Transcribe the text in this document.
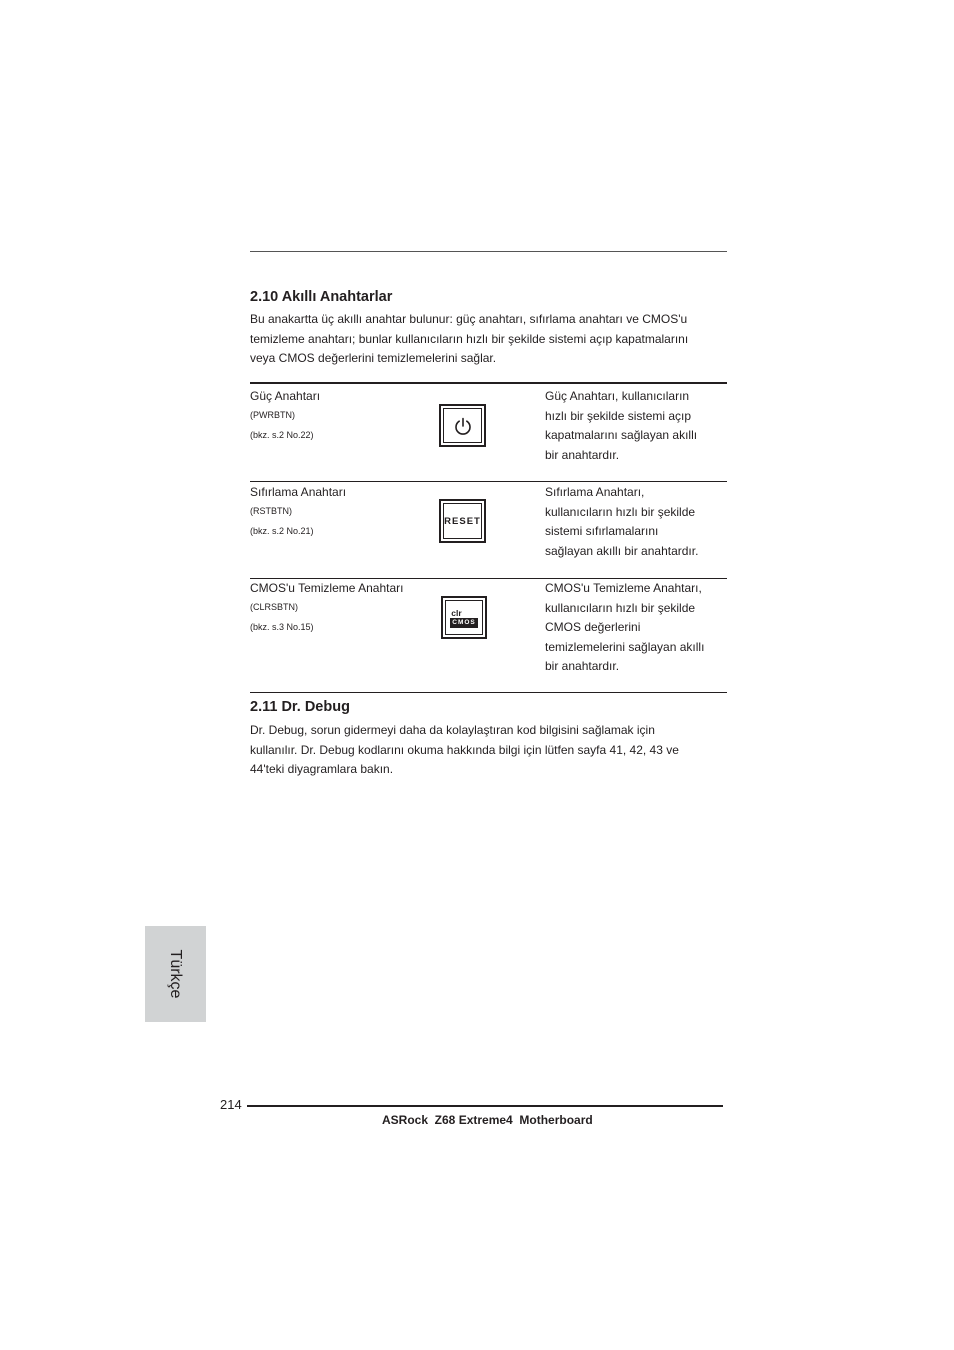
2.10 Akıllı Anahtarlar

Bu anakartta üç akıllı anahtar bulunur: güç anahtarı, sıfırlama anahtarı ve CMOS'u
temizleme anahtarı; bunlar kullanıcıların hızlı bir şekilde sistemi açıp kapatmalarını
veya CMOS değerlerini temizlemelerini sağlar.

Güç Anahtarı
(PWRBTN)
(bkz. s.2 No.22)

Güç Anahtarı, kullanıcıların
hızlı bir şekilde sistemi açıp
kapatmalarını sağlayan akıllı
bir anahtardır.

Sıfırlama Anahtarı
(RSTBTN)
(bkz. s.2 No.21)
RESET

Sıfırlama Anahtarı,
kullanıcıların hızlı bir şekilde
sistemi sıfırlamalarını
sağlayan akıllı bir anahtardır.

CMOS'u Temizleme Anahtarı
(CLRSBTN)
(bkz. s.3 No.15)
clr
CMOS

CMOS'u Temizleme Anahtarı,
kullanıcıların hızlı bir şekilde
CMOS değerlerini
temizlemelerini sağlayan akıllı
bir anahtardır.

2.11 Dr. Debug

Dr. Debug, sorun gidermeyi daha da kolaylaştıran kod bilgisini sağlamak için
kullanılır. Dr. Debug kodlarını okuma hakkında bilgi için lütfen sayfa 41, 42, 43 ve
44'teki diyagramlara bakın.

Türkçe
214
ASRock  Z68 Extreme4  Motherboard
